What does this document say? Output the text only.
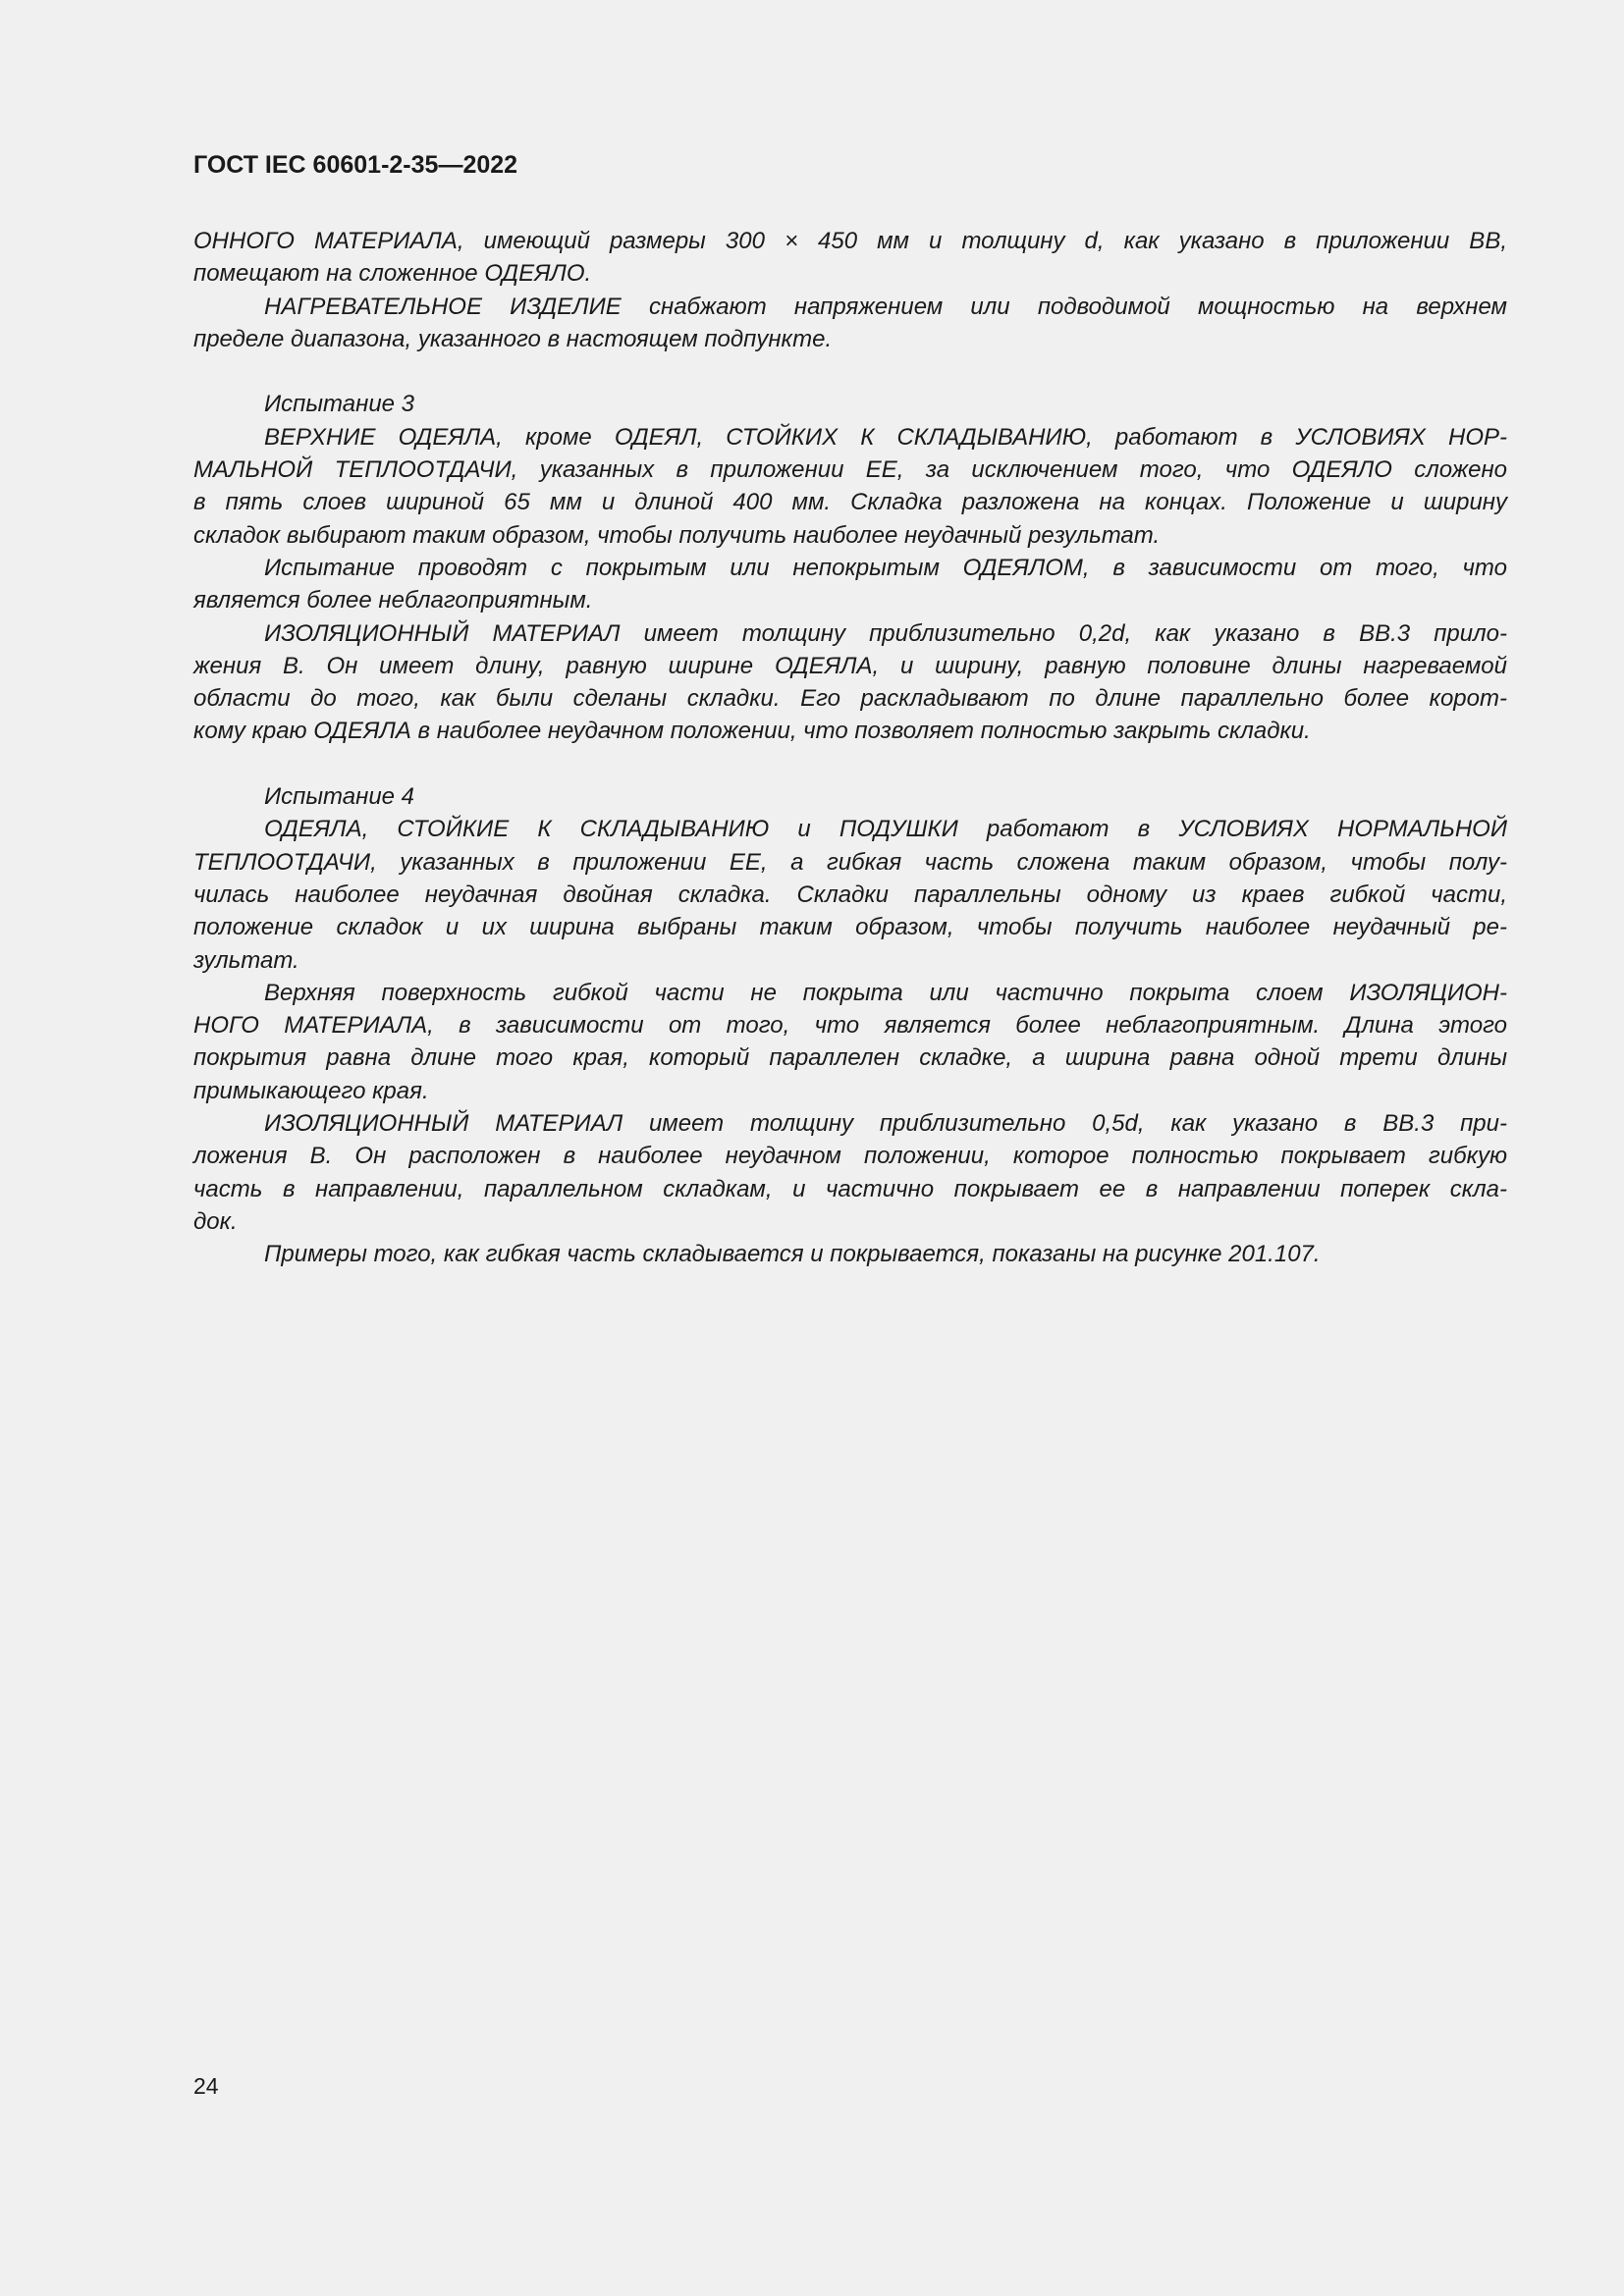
ГОСТ IEC 60601-2-35—2022
ОННОГО МАТЕРИАЛА, имеющий размеры 300 × 450 мм и толщину d, как указано в приложении ВВ,
помещают на сложенное ОДЕЯЛО.
НАГРЕВАТЕЛЬНОЕ ИЗДЕЛИЕ снабжают напряжением или подводимой мощностью на верхнем
пределе диапазона, указанного в настоящем подпункте.
Испытание 3
ВЕРХНИЕ ОДЕЯЛА, кроме ОДЕЯЛ, СТОЙКИХ К СКЛАДЫВАНИЮ, работают в УСЛОВИЯХ НОР-
МАЛЬНОЙ ТЕПЛООТДАЧИ, указанных в приложении ЕЕ, за исключением того, что ОДЕЯЛО сложено
в пять слоев шириной 65 мм и длиной 400 мм. Складка разложена на концах. Положение и ширину
складок выбирают таким образом, чтобы получить наиболее неудачный результат.
Испытание проводят с покрытым или непокрытым ОДЕЯЛОМ, в зависимости от того, что
является более неблагоприятным.
ИЗОЛЯЦИОННЫЙ МАТЕРИАЛ имеет толщину приблизительно 0,2d, как указано в ВВ.3 прило-
жения В. Он имеет длину, равную ширине ОДЕЯЛА, и ширину, равную половине длины нагреваемой
области до того, как были сделаны складки. Его раскладывают по длине параллельно более корот-
кому краю ОДЕЯЛА в наиболее неудачном положении, что позволяет полностью закрыть складки.
Испытание 4
ОДЕЯЛА, СТОЙКИЕ К СКЛАДЫВАНИЮ и ПОДУШКИ работают в УСЛОВИЯХ НОРМАЛЬНОЙ
ТЕПЛООТДАЧИ, указанных в приложении ЕЕ, а гибкая часть сложена таким образом, чтобы полу-
чилась наиболее неудачная двойная складка. Складки параллельны одному из краев гибкой части,
положение складок и их ширина выбраны таким образом, чтобы получить наиболее неудачный ре-
зультат.
Верхняя поверхность гибкой части не покрыта или частично покрыта слоем ИЗОЛЯЦИОН-
НОГО МАТЕРИАЛА, в зависимости от того, что является более неблагоприятным. Длина этого
покрытия равна длине того края, который параллелен складке, а ширина равна одной трети длины
примыкающего края.
ИЗОЛЯЦИОННЫЙ МАТЕРИАЛ имеет толщину приблизительно 0,5d, как указано в ВВ.3 при-
ложения В. Он расположен в наиболее неудачном положении, которое полностью покрывает гибкую
часть в направлении, параллельном складкам, и частично покрывает ее в направлении поперек скла-
док.
Примеры того, как гибкая часть складывается и покрывается, показаны на рисунке 201.107.
24
